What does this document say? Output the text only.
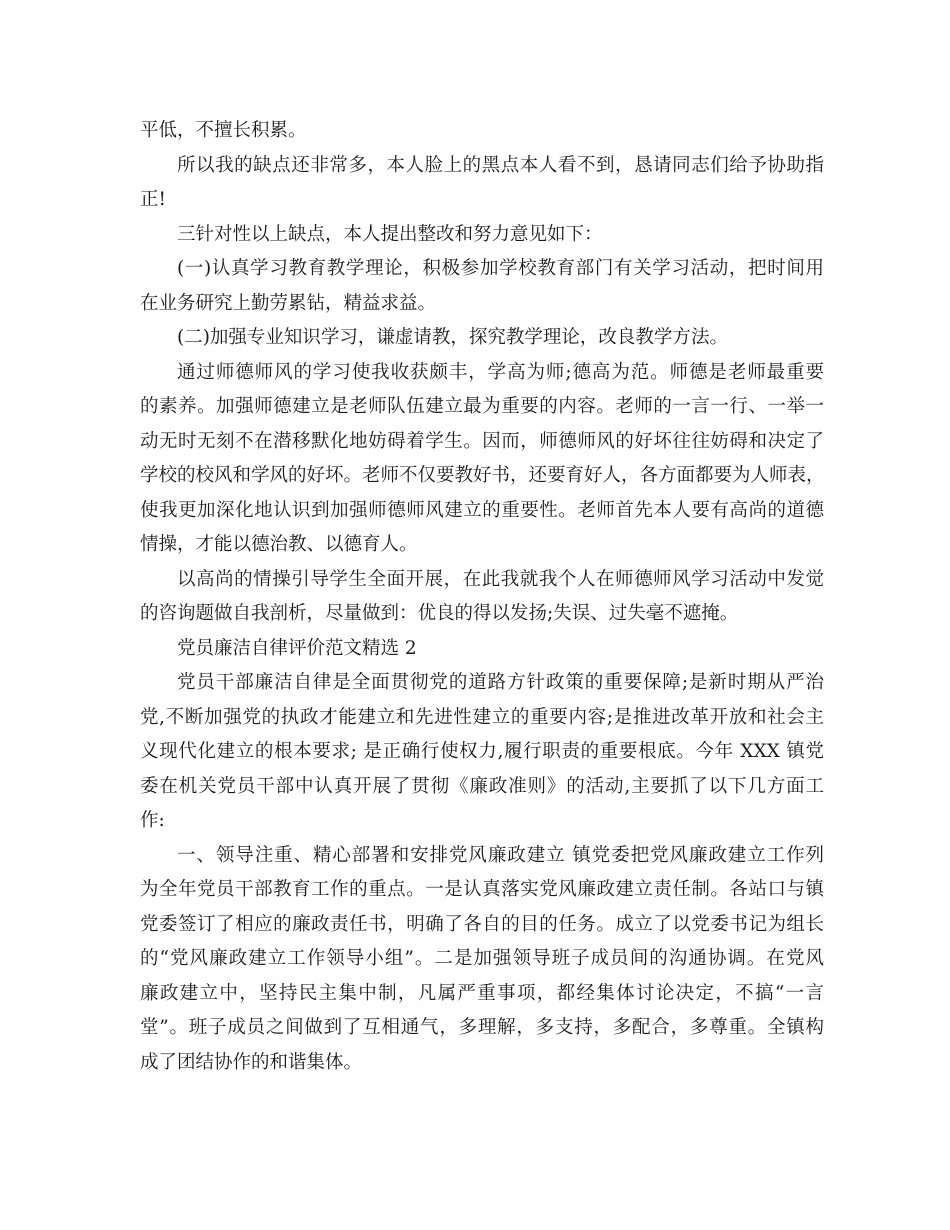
平低，不擅长积累。
所以我的缺点还非常多，本人脸上的黑点本人看不到，恳请同志们给予协助指
正!
三针对性以上缺点，本人提出整改和努力意见如下：
(一)认真学习教育教学理论，积极参加学校教育部门有关学习活动，把时间用
在业务研究上勤劳累钻，精益求益。
(二)加强专业知识学习，谦虚请教，探究教学理论，改良教学方法。
通过师德师风的学习使我收获颇丰，学高为师;德高为范。师德是老师最重要
的素养。加强师德建立是老师队伍建立最为重要的内容。老师的一言一行、一举一
动无时无刻不在潜移默化地妨碍着学生。因而，师德师风的好坏往往妨碍和决定了
学校的校风和学风的好坏。老师不仅要教好书，还要育好人，各方面都要为人师表，
使我更加深化地认识到加强师德师风建立的重要性。老师首先本人要有高尚的道德
情操，才能以德治教、以德育人。
以高尚的情操引导学生全面开展，在此我就我个人在师德师风学习活动中发觉
的咨询题做自我剖析，尽量做到：优良的得以发扬;失误、过失毫不遮掩。
党员廉洁自律评价范文精选 2
党员干部廉洁自律是全面贯彻党的道路方针政策的重要保障;是新时期从严治
党,不断加强党的执政才能建立和先进性建立的重要内容;是推进改革开放和社会主
义现代化建立的根本要求; 是正确行使权力,履行职责的重要根底。今年 XXX 镇党
委在机关党员干部中认真开展了贯彻《廉政准则》的活动,主要抓了以下几方面工
作:
一、领导注重、精心部署和安排党风廉政建立 镇党委把党风廉政建立工作列
为全年党员干部教育工作的重点。一是认真落实党风廉政建立责任制。各站口与镇
党委签订了相应的廉政责任书，明确了各自的目的任务。成立了以党委书记为组长
的“党风廉政建立工作领导小组”。二是加强领导班子成员间的沟通协调。在党风
廉政建立中，坚持民主集中制，凡属严重事项，都经集体讨论决定，不搞“一言
堂”。班子成员之间做到了互相通气，多理解，多支持，多配合，多尊重。全镇构
成了团结协作的和谐集体。
